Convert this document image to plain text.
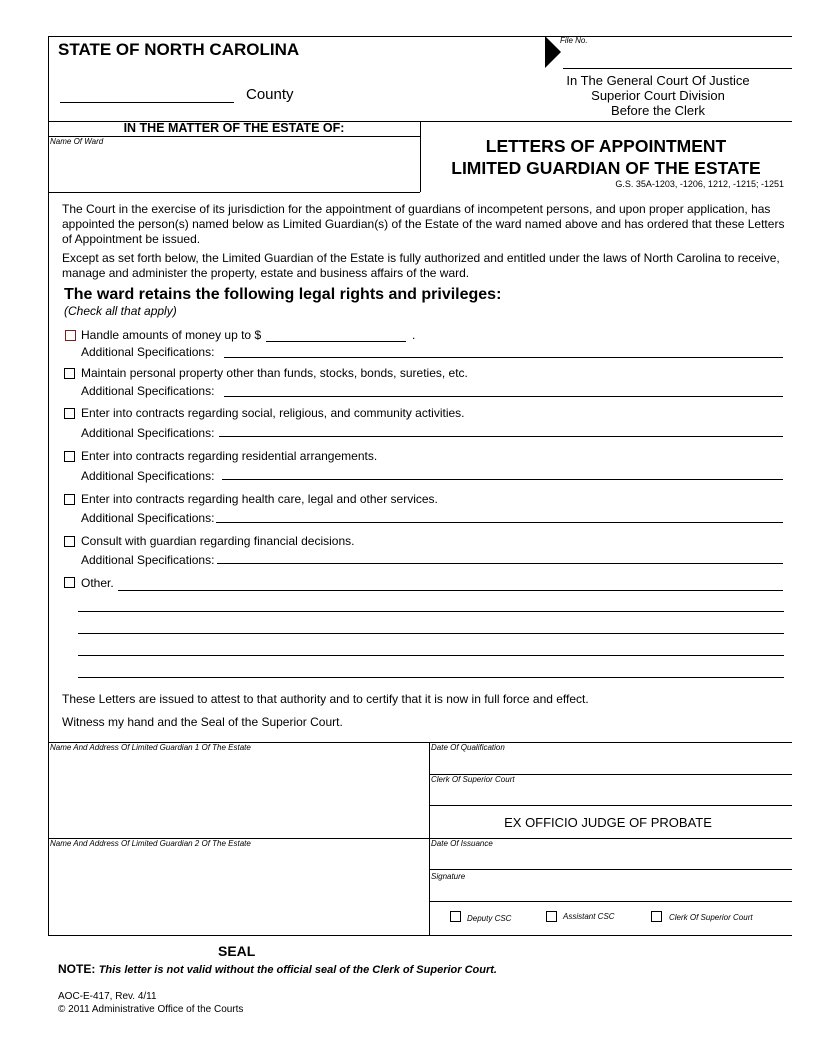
STATE OF NORTH CAROLINA
County
File No.
In The General Court Of Justice
Superior Court Division
Before the Clerk
IN THE MATTER OF THE ESTATE OF:
Name Of Ward	LETTERS OF APPOINTMENT
LIMITED GUARDIAN OF THE ESTATE
G.S. 35A-1203, -1206, 1212, -1215; -1251
The Court in the exercise of its jurisdiction for the appointment of guardians of incompetent persons, and upon proper application, has appointed the person(s) named below as Limited Guardian(s) of the Estate of the ward named above and has ordered that these Letters of Appointment be issued.
Except as set forth below, the Limited Guardian of the Estate is fully authorized and entitled under the laws of North Carolina to receive, manage and administer the property, estate and business affairs of the ward.
The ward retains the following legal rights and privileges:
(Check all that apply)
Handle amounts of money up to $	.
Additional Specifications:
Maintain personal property other than funds, stocks, bonds, sureties, etc.
Additional Specifications:
Enter into contracts regarding social, religious, and community activities.
Additional Specifications:
Enter into contracts regarding residential arrangements.
Additional Specifications:
Enter into contracts regarding health care, legal and other services.
Additional Specifications:
Consult with guardian regarding financial decisions.
Additional Specifications:
Other.
These Letters are issued to attest to that authority and to certify that it is now in full force and effect.
Witness my hand and the Seal of the Superior Court.
Name And Address Of Limited Guardian 1 Of The Estate	Date Of Qualification
Clerk Of Superior Court
EX OFFICIO JUDGE OF PROBATE
Name And Address Of Limited Guardian 2 Of The Estate	Date Of Issuance
Signature
Deputy CSC	Assistant CSC	Clerk Of Superior Court
SEAL
NOTE: This letter is not valid without the official seal of the Clerk of Superior Court.
AOC-E-417, Rev. 4/11
© 2011 Administrative Office of the Courts
